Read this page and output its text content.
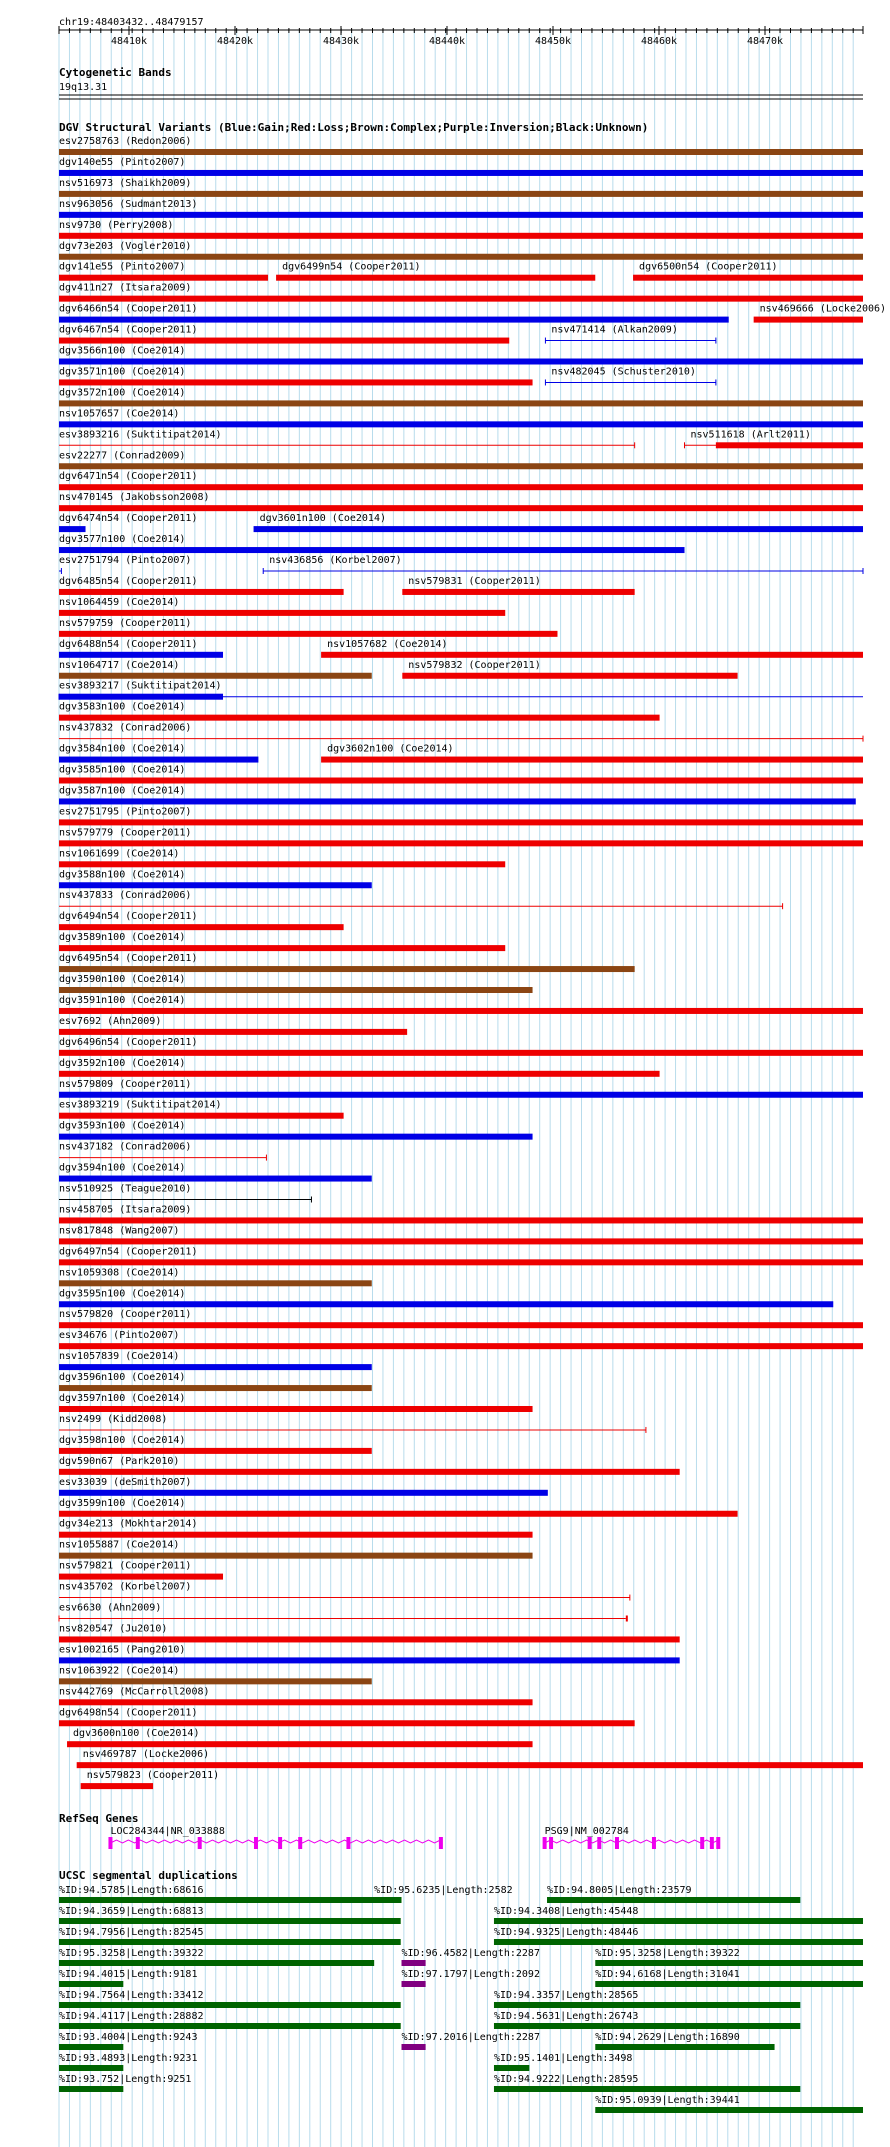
chr19:48403432..48479157
48410k	48420k	48430k	48440k	48450k	48460k	48470k
Cytogenetic Bands
19q13.31
DGV Structural Variants (Blue:Gain;Red:Loss;Brown:Complex;Purple:Inversion;Black:Unknown)
esv2758763 (Redon2006)
dgv140e55 (Pinto2007)
nsv516973 (Shaikh2009)
nsv963056 (Sudmant2013)
nsv9730 (Perry2008)
dgv73e203 (Vogler2010)
dgv141e55 (Pinto2007)	dgv6499n54 (Cooper2011)	dgv6500n54 (Cooper2011)
dgv411n27 (Itsara2009)
dgv6466n54 (Cooper2011)	nsv469666 (Locke2006)
dgv6467n54 (Cooper2011)	nsv471414 (Alkan2009)
dgv3566n100 (Coe2014)
dgv3571n100 (Coe2014)	nsv482045 (Schuster2010)
dgv3572n100 (Coe2014)
nsv1057657 (Coe2014)
esv3893216 (Suktitipat2014)	nsv511618 (Arlt2011)
esv22277 (Conrad2009)
dgv6471n54 (Cooper2011)
nsv470145 (Jakobsson2008)
dgv6474n54 (Cooper2011)	dgv3601n100 (Coe2014)
dgv3577n100 (Coe2014)
esv2751794 (Pinto2007)	nsv436856 (Korbel2007)
dgv6485n54 (Cooper2011)	nsv579831 (Cooper2011)
nsv1064459 (Coe2014)
nsv579759 (Cooper2011)
dgv6488n54 (Cooper2011)	nsv1057682 (Coe2014)
nsv1064717 (Coe2014)	nsv579832 (Cooper2011)
esv3893217 (Suktitipat2014)
dgv3583n100 (Coe2014)
nsv437832 (Conrad2006)
dgv3584n100 (Coe2014)	dgv3602n100 (Coe2014)
dgv3585n100 (Coe2014)
dgv3587n100 (Coe2014)
esv2751795 (Pinto2007)
nsv579779 (Cooper2011)
nsv1061699 (Coe2014)
dgv3588n100 (Coe2014)
nsv437833 (Conrad2006)
dgv6494n54 (Cooper2011)
dgv3589n100 (Coe2014)
dgv6495n54 (Cooper2011)
dgv3590n100 (Coe2014)
dgv3591n100 (Coe2014)
esv7692 (Ahn2009)
dgv6496n54 (Cooper2011)
dgv3592n100 (Coe2014)
nsv579809 (Cooper2011)
esv3893219 (Suktitipat2014)
dgv3593n100 (Coe2014)
nsv437182 (Conrad2006)
dgv3594n100 (Coe2014)
nsv510925 (Teague2010)
nsv458705 (Itsara2009)
nsv817848 (Wang2007)
dgv6497n54 (Cooper2011)
nsv1059308 (Coe2014)
dgv3595n100 (Coe2014)
nsv579820 (Cooper2011)
esv34676 (Pinto2007)
nsv1057839 (Coe2014)
dgv3596n100 (Coe2014)
dgv3597n100 (Coe2014)
nsv2499 (Kidd2008)
dgv3598n100 (Coe2014)
dgv590n67 (Park2010)
esv33039 (deSmith2007)
dgv3599n100 (Coe2014)
dgv34e213 (Mokhtar2014)
nsv1055887 (Coe2014)
nsv579821 (Cooper2011)
nsv435702 (Korbel2007)
esv6630 (Ahn2009)
nsv820547 (Ju2010)
esv1002165 (Pang2010)
nsv1063922 (Coe2014)
nsv442769 (McCarroll2008)
dgv6498n54 (Cooper2011)
dgv3600n100 (Coe2014)
nsv469787 (Locke2006)
nsv579823 (Cooper2011)
RefSeq Genes
LOC284344|NR_033888	PSG9|NM_002784
UCSC segmental duplications
%ID:94.5785|Length:68616	%ID:95.6235|Length:2582	%ID:94.8005|Length:23579
%ID:94.3659|Length:68813	%ID:94.3408|Length:45448
%ID:94.7956|Length:82545	%ID:94.9325|Length:48446
%ID:95.3258|Length:39322	%ID:96.4582|Length:2287	%ID:95.3258|Length:39322
%ID:94.4015|Length:9181	%ID:97.1797|Length:2092	%ID:94.6168|Length:31041
%ID:94.7564|Length:33412	%ID:94.3357|Length:28565
%ID:94.4117|Length:28882	%ID:94.5631|Length:26743
%ID:93.4004|Length:9243	%ID:97.2016|Length:2287	%ID:94.2629|Length:16890
%ID:93.4893|Length:9231	%ID:95.1401|Length:3498
%ID:93.752|Length:9251	%ID:94.9222|Length:28595
%ID:95.0939|Length:39441
